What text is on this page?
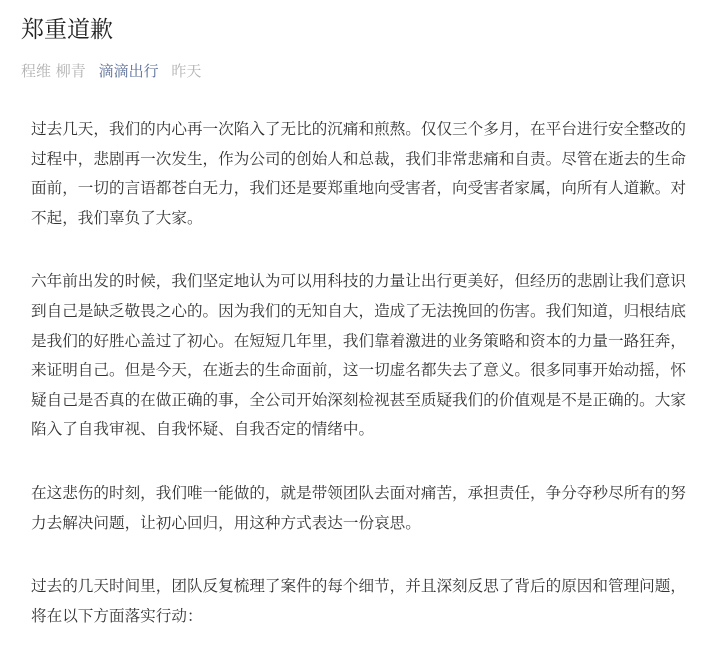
郑重道歉
程维 柳青 滴滴出行 昨天

过去几天，我们的内心再一次陷入了无比的沉痛和煎熬。仅仅三个多月，在平台进行安全整改的过程中，悲剧再一次发生，作为公司的创始人和总裁，我们非常悲痛和自责。尽管在逝去的生命面前，一切的言语都苍白无力，我们还是要郑重地向受害者，向受害者家属，向所有人道歉。对不起，我们辜负了大家。

六年前出发的时候，我们坚定地认为可以用科技的力量让出行更美好，但经历的悲剧让我们意识到自己是缺乏敬畏之心的。因为我们的无知自大，造成了无法挽回的伤害。我们知道，归根结底是我们的好胜心盖过了初心。在短短几年里，我们靠着激进的业务策略和资本的力量一路狂奔，来证明自己。但是今天，在逝去的生命面前，这一切虚名都失去了意义。很多同事开始动摇，怀疑自己是否真的在做正确的事，全公司开始深刻检视甚至质疑我们的价值观是不是正确的。大家陷入了自我审视、自我怀疑、自我否定的情绪中。

在这悲伤的时刻，我们唯一能做的，就是带领团队去面对痛苦，承担责任，争分夺秒尽所有的努力去解决问题，让初心回归，用这种方式表达一份哀思。

过去的几天时间里，团队反复梳理了案件的每个细节，并且深刻反思了背后的原因和管理问题，将在以下方面落实行动：
